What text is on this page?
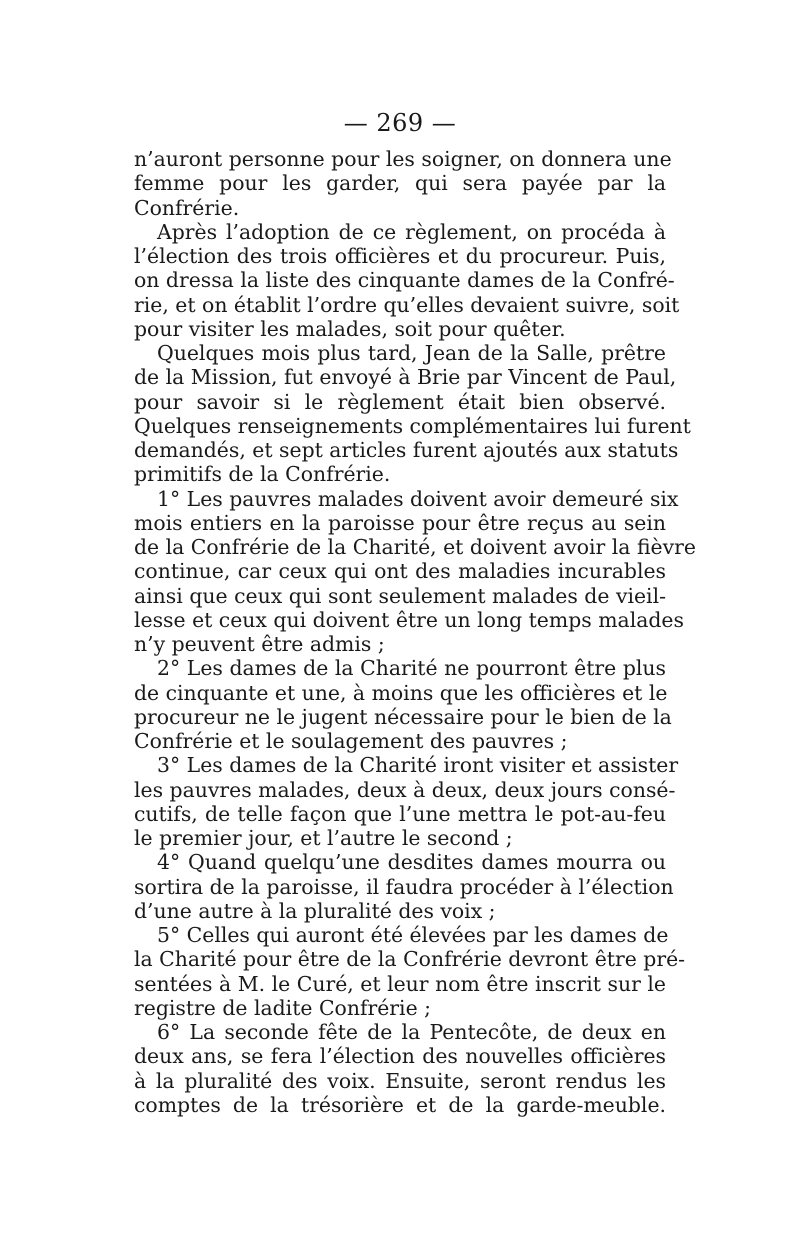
— 269 —
n’auront personne pour les soigner, on donnera une
femme pour les garder, qui sera payée par la
Confrérie.
Après l’adoption de ce règlement, on procéda à
l’élection des trois officières et du procureur. Puis,
on dressa la liste des cinquante dames de la Confré-
rie, et on établit l’ordre qu’elles devaient suivre, soit
pour visiter les malades, soit pour quêter.
Quelques mois plus tard, Jean de la Salle, prêtre
de la Mission, fut envoyé à Brie par Vincent de Paul,
pour savoir si le règlement était bien observé.
Quelques renseignements complémentaires lui furent
demandés, et sept articles furent ajoutés aux statuts
primitifs de la Confrérie.
1° Les pauvres malades doivent avoir demeuré six
mois entiers en la paroisse pour être reçus au sein
de la Confrérie de la Charité, et doivent avoir la fièvre
continue, car ceux qui ont des maladies incurables
ainsi que ceux qui sont seulement malades de vieil-
lesse et ceux qui doivent être un long temps malades
n’y peuvent être admis ;
2° Les dames de la Charité ne pourront être plus
de cinquante et une, à moins que les officières et le
procureur ne le jugent nécessaire pour le bien de la
Confrérie et le soulagement des pauvres ;
3° Les dames de la Charité iront visiter et assister
les pauvres malades, deux à deux, deux jours consé-
cutifs, de telle façon que l’une mettra le pot-au-feu
le premier jour, et l’autre le second ;
4° Quand quelqu’une desdites dames mourra ou
sortira de la paroisse, il faudra procéder à l’élection
d’une autre à la pluralité des voix ;
5° Celles qui auront été élevées par les dames de
la Charité pour être de la Confrérie devront être pré-
sentées à M. le Curé, et leur nom être inscrit sur le
registre de ladite Confrérie ;
6° La seconde fête de la Pentecôte, de deux en
deux ans, se fera l’élection des nouvelles officières
à la pluralité des voix. Ensuite, seront rendus les
comptes de la trésorière et de la garde-meuble.
